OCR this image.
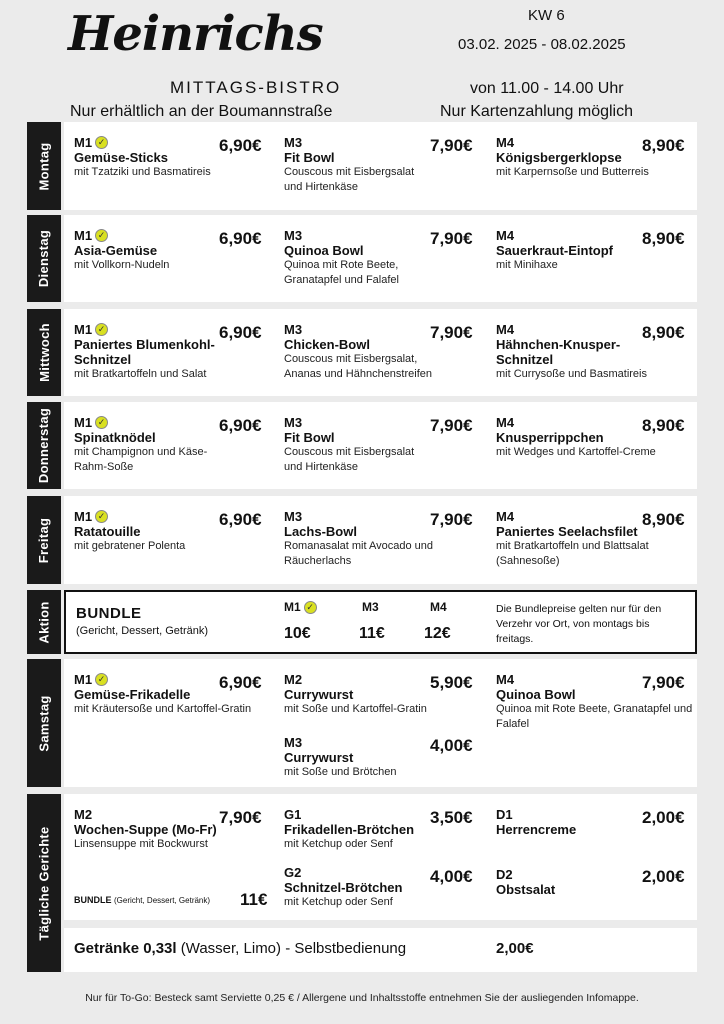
Heinrichs
MITTAGS-BISTRO
Nur erhältlich an der Boumannstraße
KW 6
03.02. 2025 - 08.02.2025
von 11.00 - 14.00 Uhr
Nur Kartenzahlung möglich
Montag M1 ✓
Gemüse-Sticks
mit Tzatziki und Basmatireis
6,90€ M3
Fit Bowl
Couscous mit Eisbergsalat und Hirtenkäse
7,90€ M4
Königsbergerklopse
mit Karpernsoße und Butterreis
8,90€
Dienstag M1 ✓
Asia-Gemüse
mit Vollkorn-Nudeln
6,90€ M3
Quinoa Bowl
Quinoa mit Rote Beete, Granatapfel und Falafel
7,90€ M4
Sauerkraut-Eintopf
mit Minihaxe
8,90€
Mittwoch M1 ✓
Paniertes Blumenkohl-Schnitzel
mit Bratkartoffeln und Salat
6,90€ M3
Chicken-Bowl
Couscous mit Eisbergsalat, Ananas und Hähnchenstreifen
7,90€ M4
Hähnchen-Knusper-Schnitzel
mit Currysoße und Basmatireis
8,90€
Donnerstag M1 ✓
Spinatknödel
mit Champignon und Käse-Rahm-Soße
6,90€ M3
Fit Bowl
Couscous mit Eisbergsalat und Hirtenkäse
7,90€ M4
Knusperrippchen
mit Wedges und Kartoffel-Creme
8,90€
Freitag
M1 ✓
Ratatouille
mit gebratener Polenta
6,90€ M3
Lachs-Bowl
Romanasalat mit Avocado und Räucherlachs
7,90€ M4
Paniertes Seelachsfilet
mit Bratkartoffeln und Blattsalat (Sahnesoße)
8,90€
Aktion BUNDLE
(Gericht, Dessert, Getränk)
M1 ✓
10€
M3
11€
M4
12€
Die Bundlepreise gelten nur für den Verzehr vor Ort, von montags bis freitags.
Samstag
M1 ✓
Gemüse-Frikadelle
mit Kräutersoße und Kartoffel-Gratin
6,90€ M2
Currywurst
mit Soße und Kartoffel-Gratin
5,90€
M3
Currywurst
mit Soße und Brötchen
4,00€
M4
Quinoa Bowl
Quinoa mit Rote Beete, Granatapfel und Falafel
7,90€
Tägliche Gerichte
M2
Wochen-Suppe (Mo-Fr)
Linsensuppe mit Bockwurst
7,90€
BUNDLE (Gericht, Dessert, Getränk) 11€
G1
Frikadellen-Brötchen
mit Ketchup oder Senf
3,50€
G2
Schnitzel-Brötchen
mit Ketchup oder Senf
4,00€
D1
Herrencreme
2,00€
D2
Obstsalat
2,00€
Getränke 0,33l (Wasser, Limo) - Selbstbedienung	2,00€
Nur für To-Go: Besteck samt Serviette 0,25 € / Allergene und Inhaltsstoffe entnehmen Sie der ausliegenden Infomappe.
